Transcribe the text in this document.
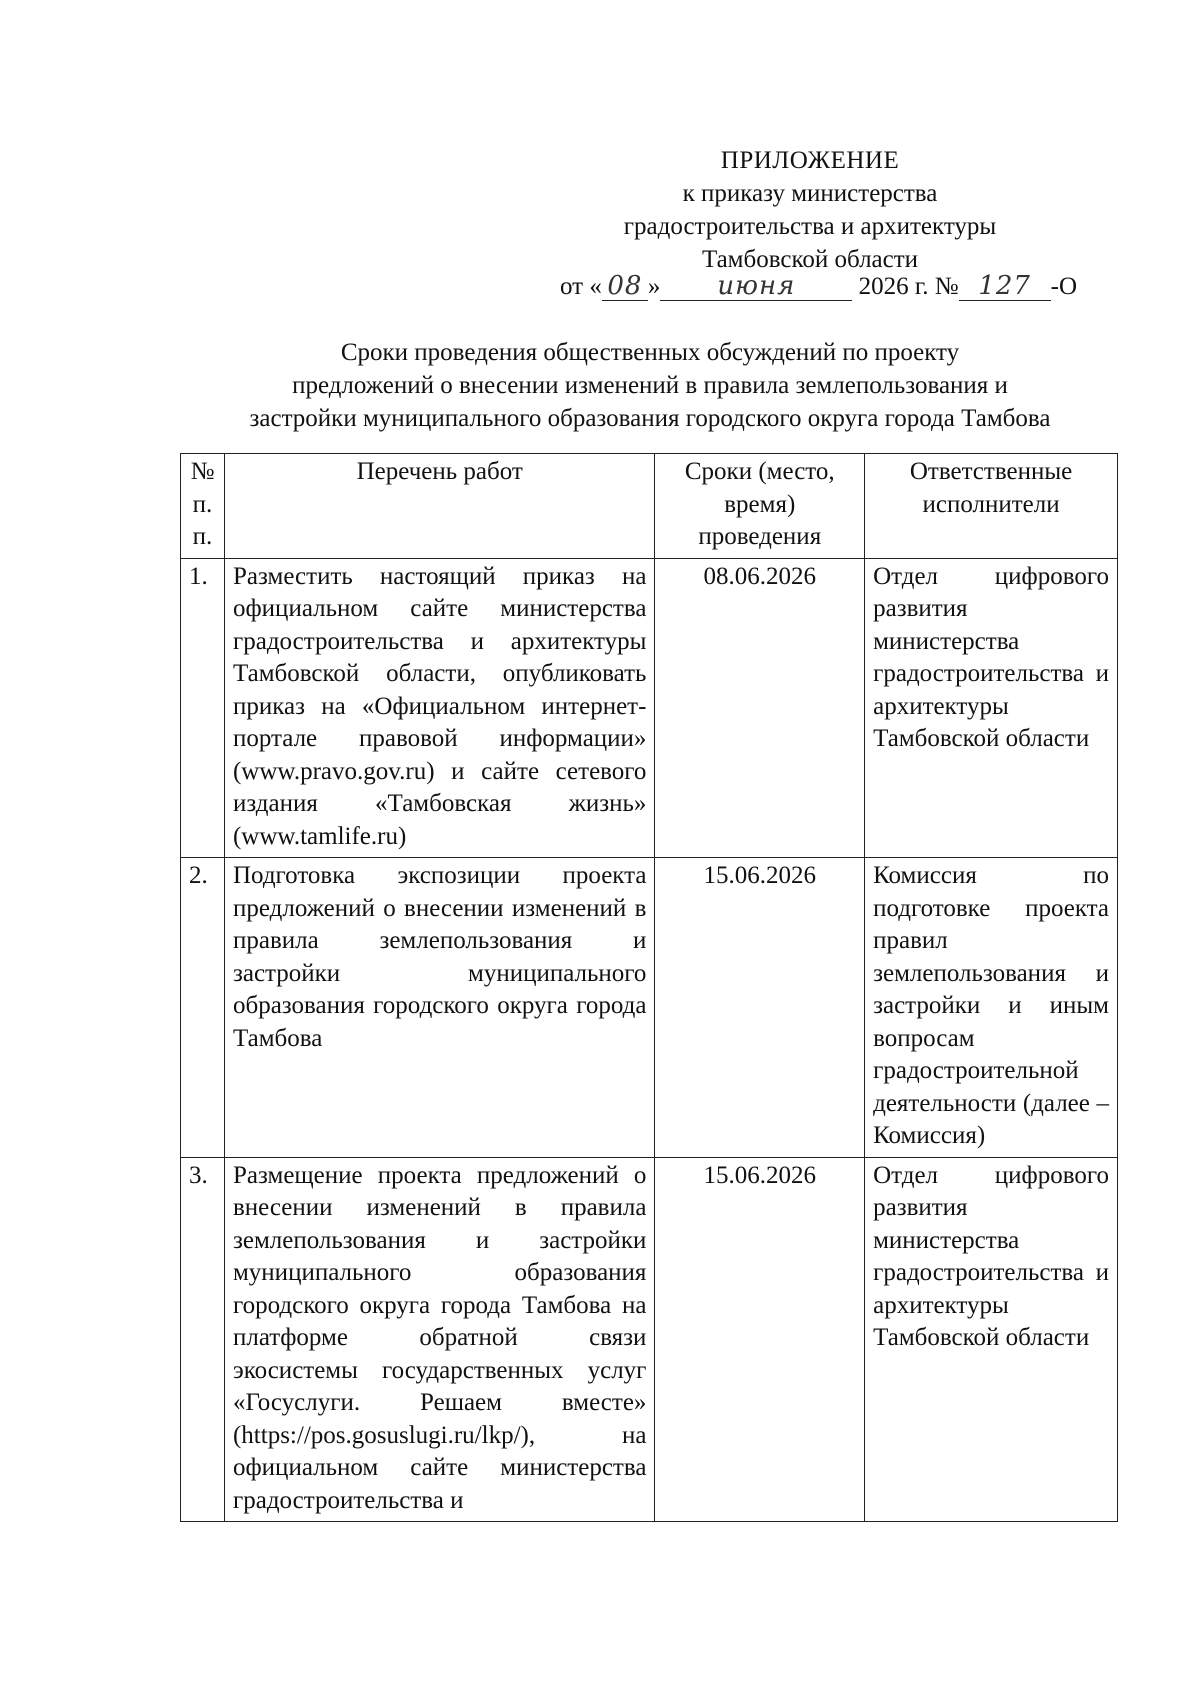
ПРИЛОЖЕНИЕ
к приказу министерства
градостроительства и архитектуры
Тамбовской области
от « 08 » июня	2026 г. № 127 -О
Сроки проведения общественных обсуждений по проекту
предложений о внесении изменений в правила землепользования и
застройки муниципального образования городского округа города Тамбова
№ п. п.	Перечень работ	Сроки (место, время) проведения	Ответственные исполнители
1.	Разместить настоящий приказ на официальном сайте министерства градостроительства и архитектуры Тамбовской области, опубликовать приказ на «Официальном интернет-портале правовой информации» (www.pravo.gov.ru) и сайте сетевого издания «Тамбовская жизнь» (www.tamlife.ru)	08.06.2026	Отдел цифрового развития министерства градостроительства и архитектуры Тамбовской области
2.	Подготовка экспозиции проекта предложений о внесении изменений в правила землепользования и застройки муниципального образования городского округа города Тамбова	15.06.2026	Комиссия по подготовке проекта правил землепользования и застройки и иным вопросам градостроительной деятельности (далее – Комиссия)
3.	Размещение проекта предложений о внесении изменений в правила землепользования и застройки муниципального образования городского округа города Тамбова на платформе обратной связи экосистемы государственных услуг «Госуслуги. Решаем вместе» (https://pos.gosuslugi.ru/lkp/), на официальном сайте министерства градостроительства и	15.06.2026	Отдел цифрового развития министерства градостроительства и архитектуры Тамбовской области
